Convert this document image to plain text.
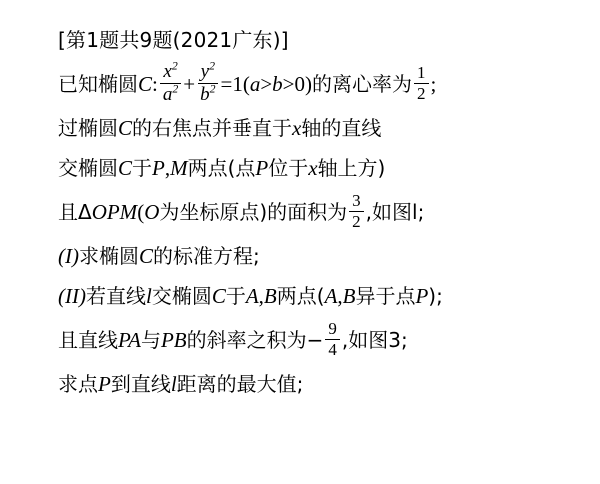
[第1题共9题(2021广东)]
已知椭圆 C : $\frac{x^2}{a^2} + \frac{y^2}{b^2} =1$( a > b >0) 的离心率为 $\frac{1}{2}$ ;
过椭圆 C 的右焦点并垂直于 x 轴的直线
交椭圆 C 于 P , M 两点(点 P 位于 x 轴上方)
且Δ OPM ( O 为坐标原点)的面积为 $\frac{3}{2}$ ,如图l;
(I) 求椭圆 C 的标准方程;
(II) 若直线 l 交椭圆 C 于 A , B 两点( A , B 异于点 P );
且直线 PA 与 PB 的斜率之积为− $\frac{9}{4}$ ,如图3;
求点 P 到直线 l 距离的最大值;
